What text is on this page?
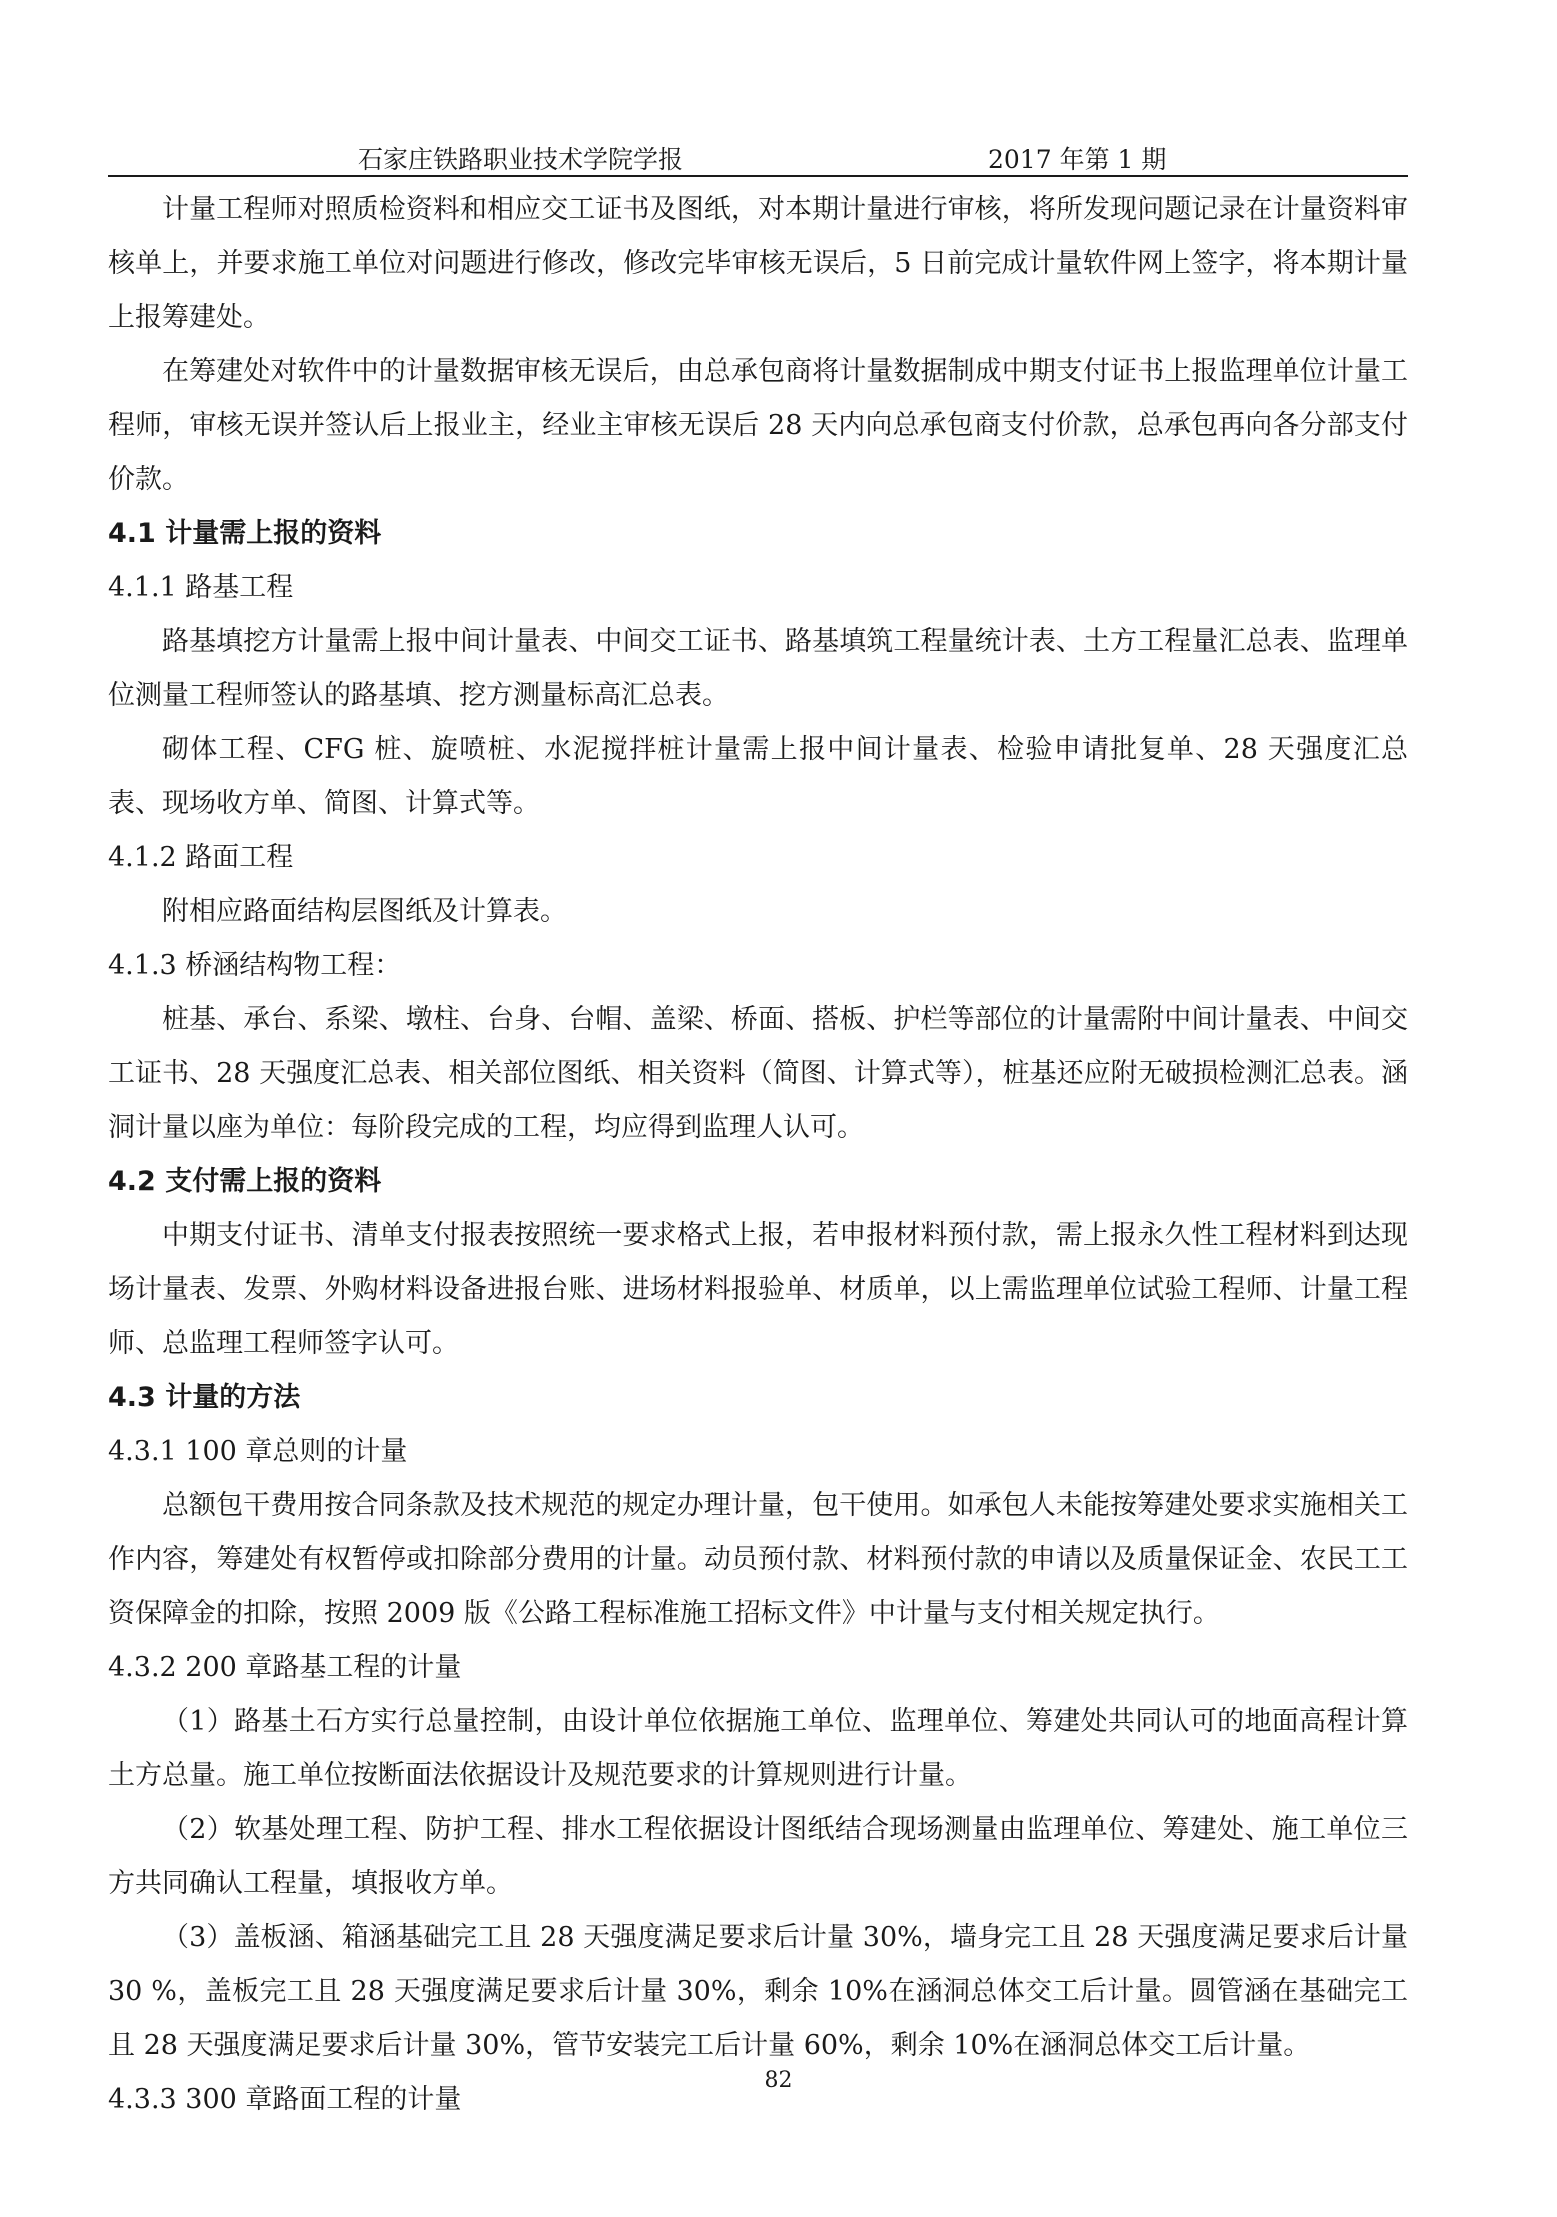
石家庄铁路职业技术学院学报	2017 年第 1 期

计量工程师对照质检资料和相应交工证书及图纸，对本期计量进行审核，将所发现问题记录在计量资料审核单上，并要求施工单位对问题进行修改，修改完毕审核无误后，5 日前完成计量软件网上签字，将本期计量上报筹建处。

在筹建处对软件中的计量数据审核无误后，由总承包商将计量数据制成中期支付证书上报监理单位计量工程师，审核无误并签认后上报业主，经业主审核无误后 28 天内向总承包商支付价款，总承包再向各分部支付价款。

4.1 计量需上报的资料

4.1.1 路基工程

路基填挖方计量需上报中间计量表、中间交工证书、路基填筑工程量统计表、土方工程量汇总表、监理单位测量工程师签认的路基填、挖方测量标高汇总表。

砌体工程、CFG 桩、旋喷桩、水泥搅拌桩计量需上报中间计量表、检验申请批复单、28 天强度汇总表、现场收方单、简图、计算式等。

4.1.2 路面工程

附相应路面结构层图纸及计算表。

4.1.3 桥涵结构物工程：

桩基、承台、系梁、墩柱、台身、台帽、盖梁、桥面、搭板、护栏等部位的计量需附中间计量表、中间交工证书、28 天强度汇总表、相关部位图纸、相关资料（简图、计算式等），桩基还应附无破损检测汇总表。涵洞计量以座为单位：每阶段完成的工程，均应得到监理人认可。

4.2 支付需上报的资料

中期支付证书、清单支付报表按照统一要求格式上报，若申报材料预付款，需上报永久性工程材料到达现场计量表、发票、外购材料设备进报台账、进场材料报验单、材质单，以上需监理单位试验工程师、计量工程师、总监理工程师签字认可。

4.3 计量的方法

4.3.1 100 章总则的计量

总额包干费用按合同条款及技术规范的规定办理计量，包干使用。如承包人未能按筹建处要求实施相关工作内容，筹建处有权暂停或扣除部分费用的计量。动员预付款、材料预付款的申请以及质量保证金、农民工工资保障金的扣除，按照 2009 版《公路工程标准施工招标文件》中计量与支付相关规定执行。

4.3.2 200 章路基工程的计量

（1）路基土石方实行总量控制，由设计单位依据施工单位、监理单位、筹建处共同认可的地面高程计算土方总量。施工单位按断面法依据设计及规范要求的计算规则进行计量。

（2）软基处理工程、防护工程、排水工程依据设计图纸结合现场测量由监理单位、筹建处、施工单位三方共同确认工程量，填报收方单。

（3）盖板涵、箱涵基础完工且 28 天强度满足要求后计量 30%，墙身完工且 28 天强度满足要求后计量 30 %，盖板完工且 28 天强度满足要求后计量 30%，剩余 10%在涵洞总体交工后计量。圆管涵在基础完工且 28 天强度满足要求后计量 30%，管节安装完工后计量 60%，剩余 10%在涵洞总体交工后计量。

4.3.3 300 章路面工程的计量

82
